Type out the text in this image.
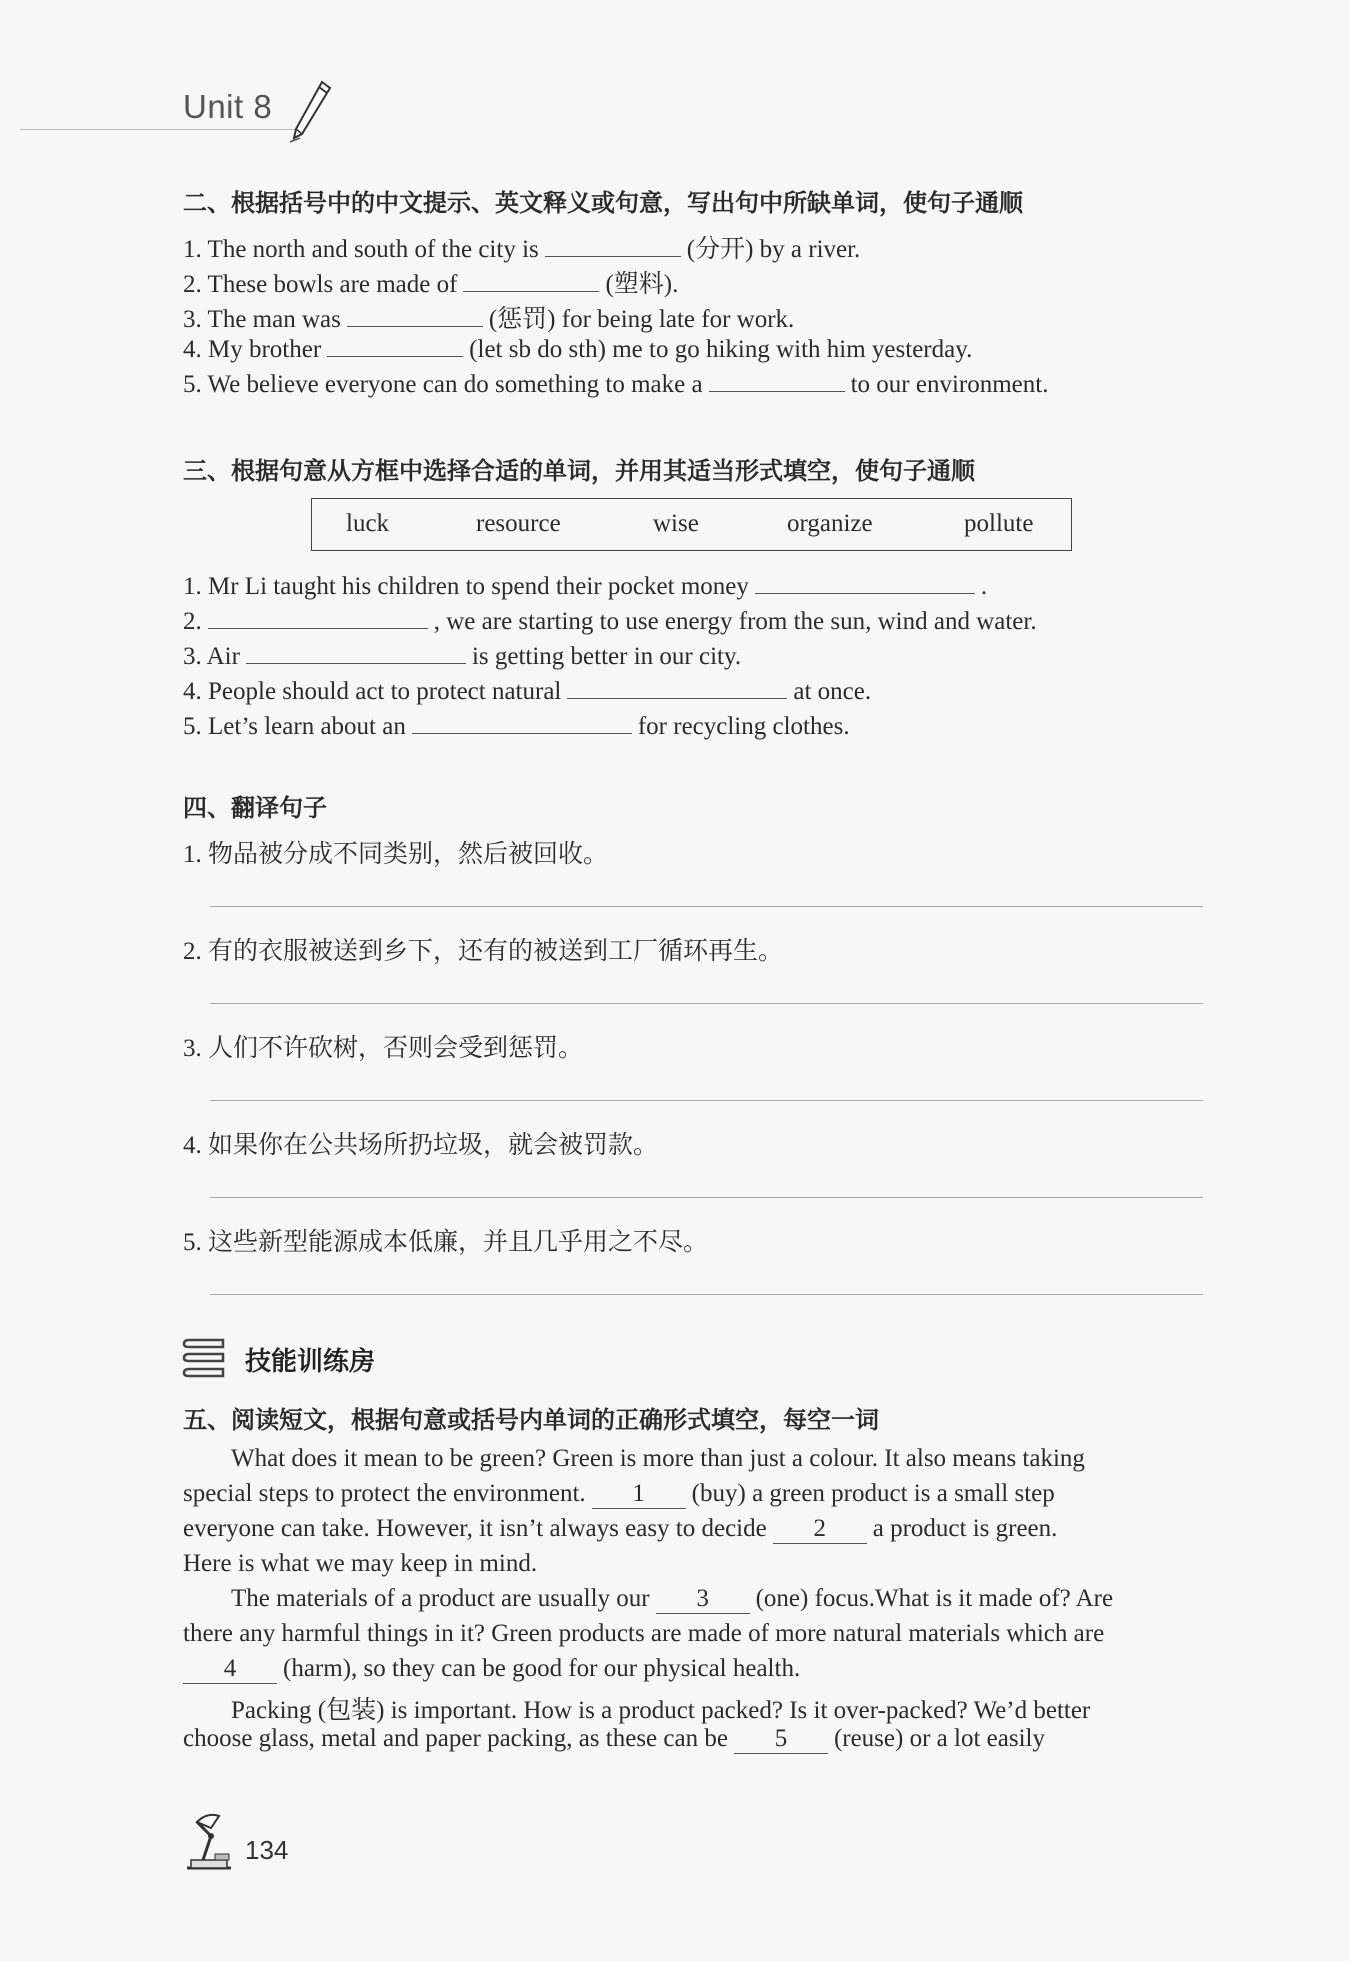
Unit 8
二、根据括号中的中文提示、英文释义或句意，写出句中所缺单词，使句子通顺
1. The north and south of the city is	(分开) by a river.
2. These bowls are made of	(塑料).
3. The man was	(惩罚) for being late for work.
4. My brother	(let sb do sth) me to go hiking with him yesterday.
5. We believe everyone can do something to make a	to our environment.
三、根据句意从方框中选择合适的单词，并用其适当形式填空，使句子通顺
luck	resource	wise	organize	pollute
1. Mr Li taught his children to spend their pocket money	.
2.	, we are starting to use energy from the sun, wind and water.
3. Air	is getting better in our city.
4. People should act to protect natural	at once.
5. Let’s learn about an	for recycling clothes.
四、翻译句子
1. 物品被分成不同类别，然后被回收。
2. 有的衣服被送到乡下，还有的被送到工厂循环再生。
3. 人们不许砍树，否则会受到惩罚。
4. 如果你在公共场所扔垃圾，就会被罚款。
5. 这些新型能源成本低廉，并且几乎用之不尽。
技能训练房
五、阅读短文，根据句意或括号内单词的正确形式填空，每空一词
What does it mean to be green? Green is more than just a colour. It also means taking
special steps to protect the environment. 1 (buy) a green product is a small step
everyone can take. However, it isn’t always easy to decide 2 a product is green.
Here is what we may keep in mind.
The materials of a product are usually our 3 (one) focus.What is it made of? Are
there any harmful things in it? Green products are made of more natural materials which are
4 (harm), so they can be good for our physical health.
Packing (包装) is important. How is a product packed? Is it over-packed? We’d better
choose glass, metal and paper packing, as these can be 5 (reuse) or a lot easily
134
